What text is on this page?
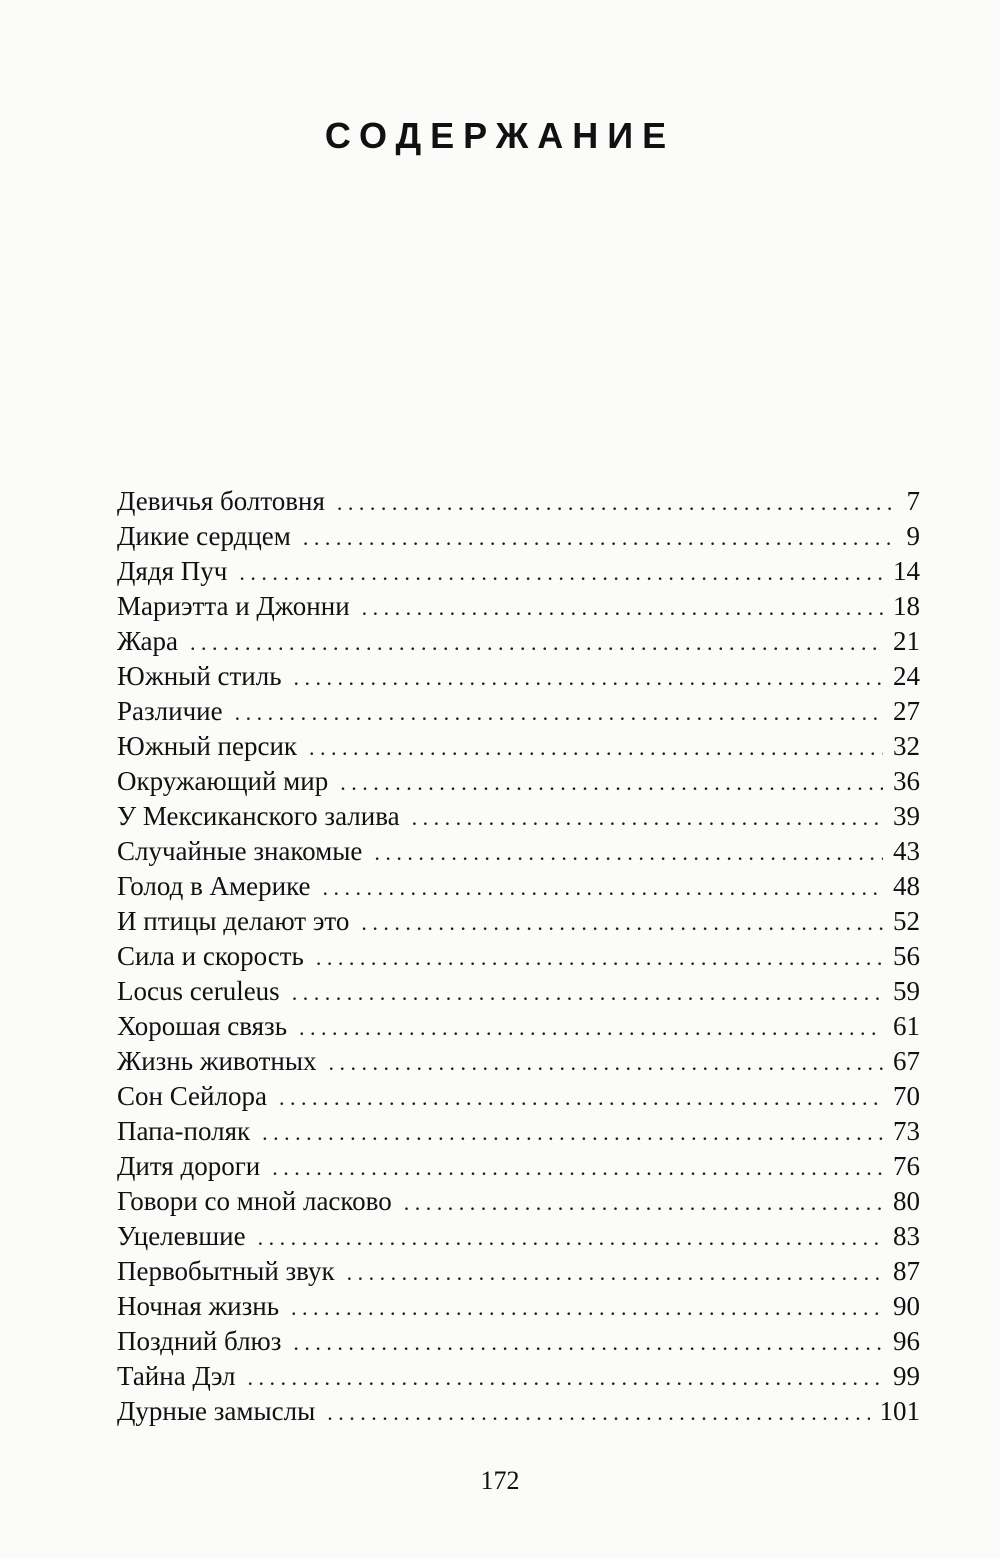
СОДЕРЖАНИЕ
Девичья болтовня . . .	7
Дикие сердцем . . .	9
Дядя Пуч . . .	14
Мариэтта и Джонни . . .	18
Жара . . .	21
Южный стиль . . .	24
Различие . . .	27
Южный персик . . .	32
Окружающий мир . . .	36
У Мексиканского залива . . .	39
Случайные знакомые . . .	43
Голод в Америке . . .	48
И птицы делают это . . .	52
Сила и скорость . . .	56
Locus ceruleus . . .	59
Хорошая связь . . .	61
Жизнь животных . . .	67
Сон Сейлора . . .	70
Папа-поляк . . .	73
Дитя дороги . . .	76
Говори со мной ласково . . .	80
Уцелевшие . . .	83
Первобытный звук . . .	87
Ночная жизнь . . .	90
Поздний блюз . . .	96
Тайна Дэл . . .	99
Дурные замыслы . . .	101
172
